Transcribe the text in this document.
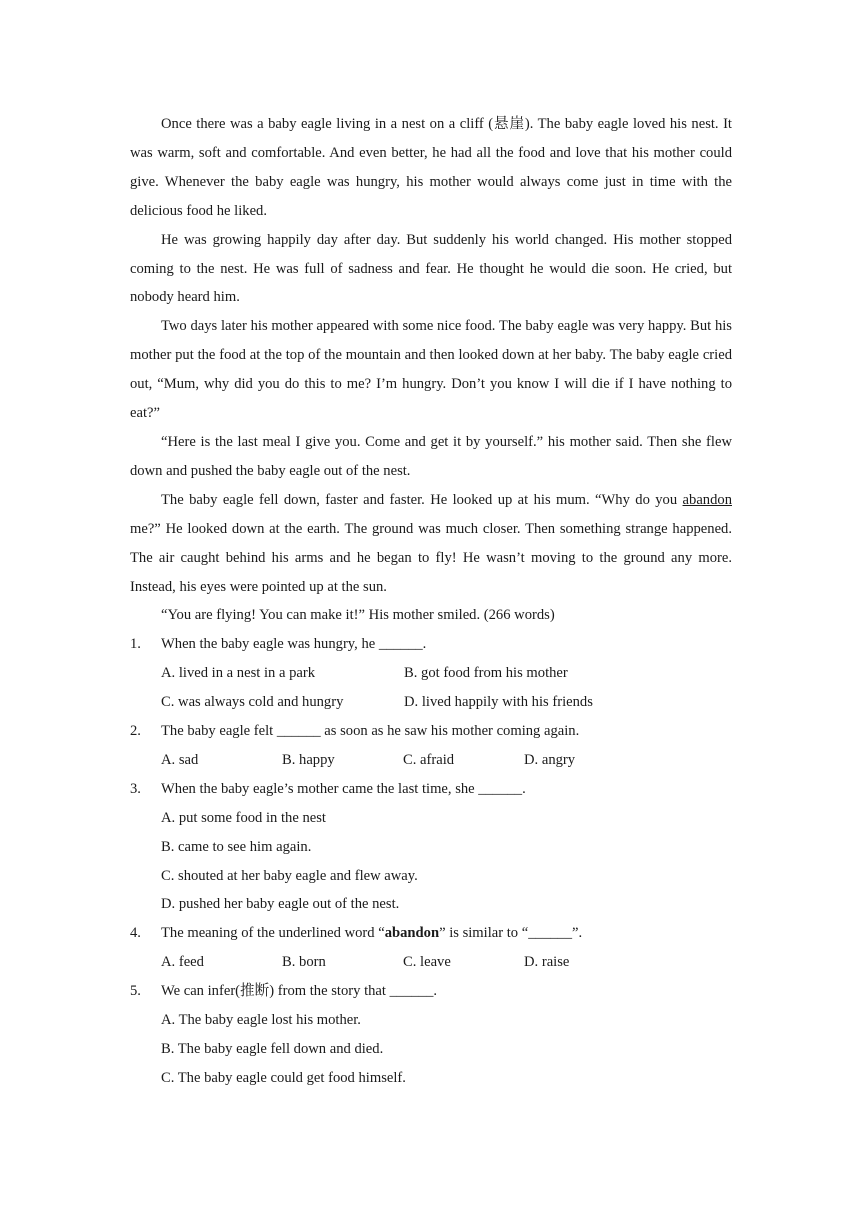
Once there was a baby eagle living in a nest on a cliff (悬崖). The baby eagle loved his nest. It was warm, soft and comfortable. And even better, he had all the food and love that his mother could give. Whenever the baby eagle was hungry, his mother would always come just in time with the delicious food he liked.

He was growing happily day after day. But suddenly his world changed. His mother stopped coming to the nest. He was full of sadness and fear. He thought he would die soon. He cried, but nobody heard him.

Two days later his mother appeared with some nice food. The baby eagle was very happy. But his mother put the food at the top of the mountain and then looked down at her baby. The baby eagle cried out, “Mum, why did you do this to me? I’m hungry. Don’t you know I will die if I have nothing to eat?”

“Here is the last meal I give you. Come and get it by yourself.” his mother said. Then she flew down and pushed the baby eagle out of the nest.

The baby eagle fell down, faster and faster. He looked up at his mum. “Why do you abandon me?” He looked down at the earth. The ground was much closer. Then something strange happened. The air caught behind his arms and he began to fly! He wasn’t moving to the ground any more. Instead, his eyes were pointed up at the sun.

“You are flying! You can make it!” His mother smiled. (266 words)

1.	When the baby eagle was hungry, he ______.
A. lived in a nest in a park	B. got food from his mother
C. was always cold and hungry	D. lived happily with his friends
2.	The baby eagle felt ______ as soon as he saw his mother coming again.
A. sad	B. happy	C. afraid	D. angry
3.	When the baby eagle’s mother came the last time, she ______.

A. put some food in the nest

B. came to see him again.

C. shouted at her baby eagle and flew away.

D. pushed her baby eagle out of the nest.

4.	The meaning of the underlined word “abandon” is similar to “______”.
A. feed	B. born	C. leave	D. raise
5.	We can infer(推断) from the story that ______.

A. The baby eagle lost his mother.

B. The baby eagle fell down and died.

C. The baby eagle could get food himself.
